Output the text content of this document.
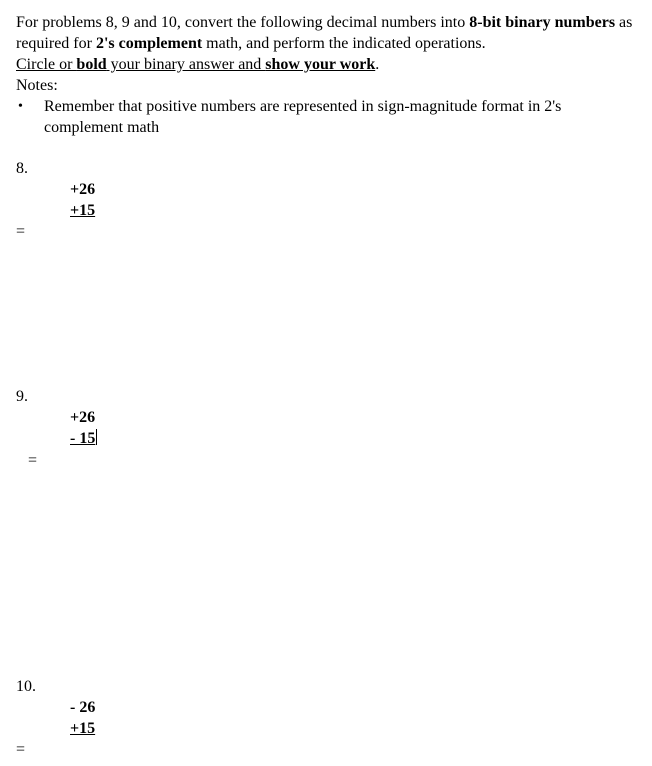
For problems 8, 9 and 10, convert the following decimal numbers into 8-bit binary numbers as required for 2's complement math, and perform the indicated operations.
Circle or bold your binary answer and show your work.

Notes:

•	Remember that positive numbers are represented in sign-magnitude format in 2's complement math
8.
+26
+15
=
9.
+26
- 15
=
10.
- 26
+15
=
